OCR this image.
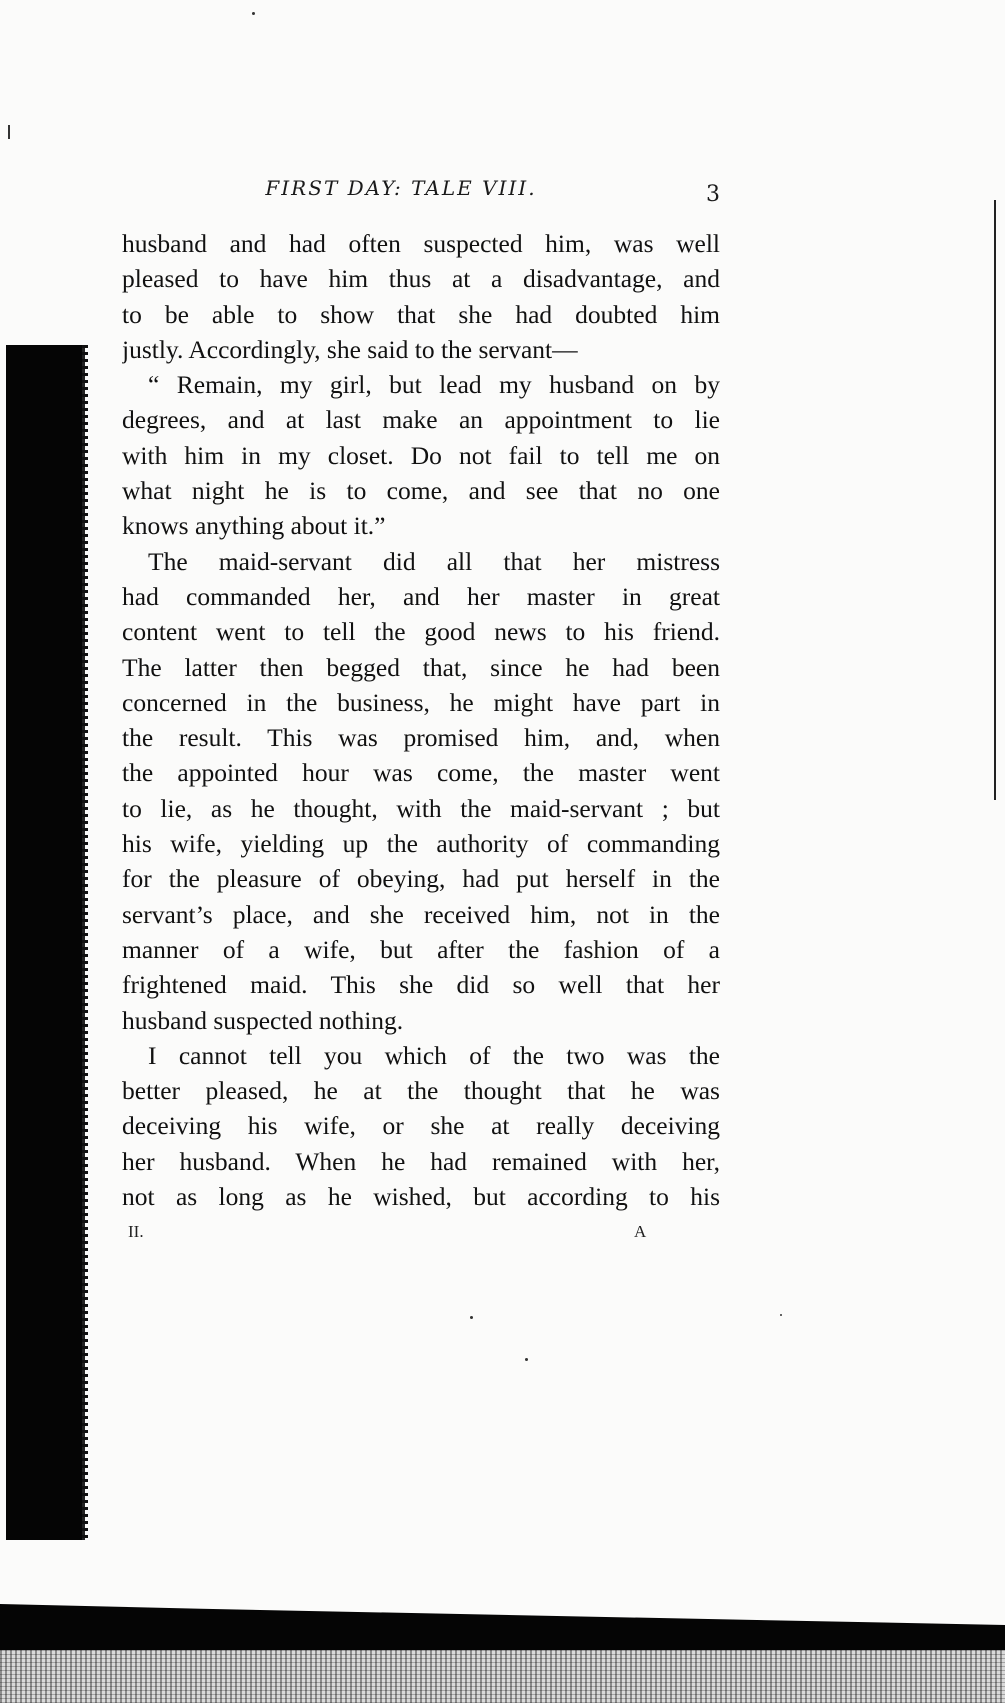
FIRST DAY: TALE VIII.	3
husband and had often suspected him, was well
pleased to have him thus at a disadvantage, and
to be able to show that she had doubted him
justly. Accordingly, she said to the servant—
“ Remain, my girl, but lead my husband on by
degrees, and at last make an appointment to lie
with him in my closet. Do not fail to tell me on
what night he is to come, and see that no one
knows anything about it.”
The maid-servant did all that her mistress
had commanded her, and her master in great
content went to tell the good news to his friend.
The latter then begged that, since he had been
concerned in the business, he might have part in
the result. This was promised him, and, when
the appointed hour was come, the master went
to lie, as he thought, with the maid-servant ; but
his wife, yielding up the authority of commanding
for the pleasure of obeying, had put herself in the
servant’s place, and she received him, not in the
manner of a wife, but after the fashion of a
frightened maid. This she did so well that her
husband suspected nothing.
I cannot tell you which of the two was the
better pleased, he at the thought that he was
deceiving his wife, or she at really deceiving
her husband. When he had remained with her,
not as long as he wished, but according to his
II.	A
